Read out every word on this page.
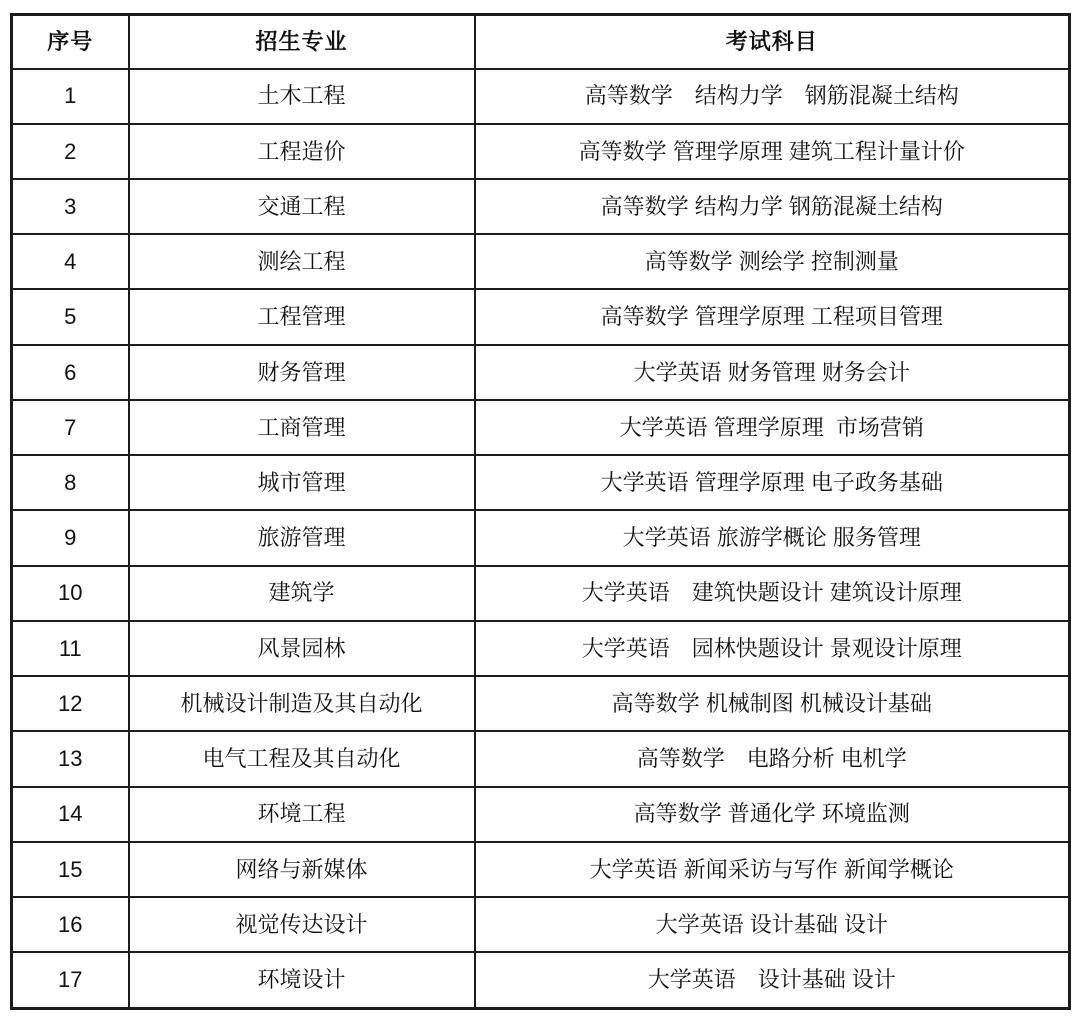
序号	招生专业	考试科目
1	土木工程	高等数学　结构力学　钢筋混凝土结构
2	工程造价	高等数学 管理学原理 建筑工程计量计价
3	交通工程	高等数学 结构力学 钢筋混凝土结构
4	测绘工程	高等数学 测绘学 控制测量
5	工程管理	高等数学 管理学原理 工程项目管理
6	财务管理	大学英语 财务管理 财务会计
7	工商管理	大学英语 管理学原理  市场营销
8	城市管理	大学英语 管理学原理 电子政务基础
9	旅游管理	大学英语 旅游学概论 服务管理
10	建筑学	大学英语　建筑快题设计 建筑设计原理
11	风景园林	大学英语　园林快题设计 景观设计原理
12	机械设计制造及其自动化	高等数学 机械制图 机械设计基础
13	电气工程及其自动化	高等数学　电路分析 电机学
14	环境工程	高等数学 普通化学 环境监测
15	网络与新媒体	大学英语 新闻采访与写作 新闻学概论
16	视觉传达设计	大学英语 设计基础 设计
17	环境设计	大学英语　设计基础 设计
